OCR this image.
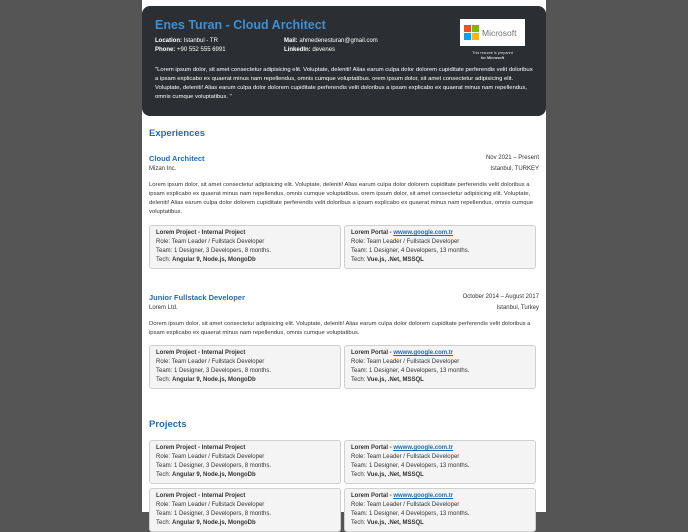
Enes Turan - Cloud Architect
Location: Istanbul - TR
Phone: +90 552 555 6991
Mail: ahmedenesturan@gmail.com
LinkedIn: devenes
Microsoft
This resume is prepared
for Microsoft
"Lorem ipsum dolor, sit amet consectetur adipisicing elit. Voluptate, deleniti! Alias earum culpa dolor dolorem cupiditate perferendis velit doloribus a ipsam explicabo ex quaerat minus nam repellendus, omnis cumque voluptatibus. orem ipsum dolor, sit amet consectetur adipisicing elit. Voluptate, deleniti! Alias earum culpa dolor dolorem cupiditate perferendis velit doloribus a ipsam explicabo ex quaerat minus nam repellendus, omnis cumque voluptatibus. "
Experiences
Cloud Architect	Nov 2021 – Present
Mizan Inc.	Istanbul, TURKEY
Lorem ipsum dolor, sit amet consectetur adipisicing elit. Voluptate, deleniti! Alias earum culpa dolor dolorem cupiditate perferendis velit doloribus a ipsam explicabo ex quaerat minus nam repellendus, omnis cumque voluptatibus. orem ipsum dolor, sit amet consectetur adipisicing elit. Voluptate, deleniti! Alias earum culpa dolor dolorem cupiditate perferendis velit doloribus a ipsam explicabo ex quaerat minus nam repellendus, omnis cumque voluptatibus.
Lorem Project - Internal Project
Role: Team Leader / Fullstack Developer
Team: 1 Designer, 3 Developers, 8 months.
Tech: Angular 9, Node.js, MongoDb
Lorem Portal - wwww.google.com.tr
Role: Team Leader / Fullstack Developer
Team: 1 Designer, 4 Developers, 13 months.
Tech: Vue.js, .Net, MSSQL
Junior Fullstack Developer	October 2014 – August 2017
Lorem Ltd.	Istanbul, Turkey
Dorem ipsum dolor, sit amet consectetur adipisicing elit. Voluptate, deleniti! Alias earum culpa dolor dolorem cupiditate perferendis velit doloribus a ipsam explicabo ex quaerat minus nam repellendus, omnis cumque voluptatibus.
Lorem Project - Internal Project
Role: Team Leader / Fullstack Developer
Team: 1 Designer, 3 Developers, 8 months.
Tech: Angular 9, Node.js, MongoDb
Lorem Portal - wwww.google.com.tr
Role: Team Leader / Fullstack Developer
Team: 1 Designer, 4 Developers, 13 months.
Tech: Vue.js, .Net, MSSQL
Projects
Lorem Project - Internal Project
Role: Team Leader / Fullstack Developer
Team: 1 Designer, 3 Developers, 8 months.
Tech: Angular 9, Node.js, MongoDb
Lorem Portal - wwww.google.com.tr
Role: Team Leader / Fullstack Developer
Team: 1 Designer, 4 Developers, 13 months.
Tech: Vue.js, .Net, MSSQL
Lorem Project - Internal Project
Role: Team Leader / Fullstack Developer
Team: 1 Designer, 3 Developers, 8 months.
Tech: Angular 9, Node.js, MongoDb
Lorem Portal - wwww.google.com.tr
Role: Team Leader / Fullstack Developer
Team: 1 Designer, 4 Developers, 13 months.
Tech: Vue.js, .Net, MSSQL
